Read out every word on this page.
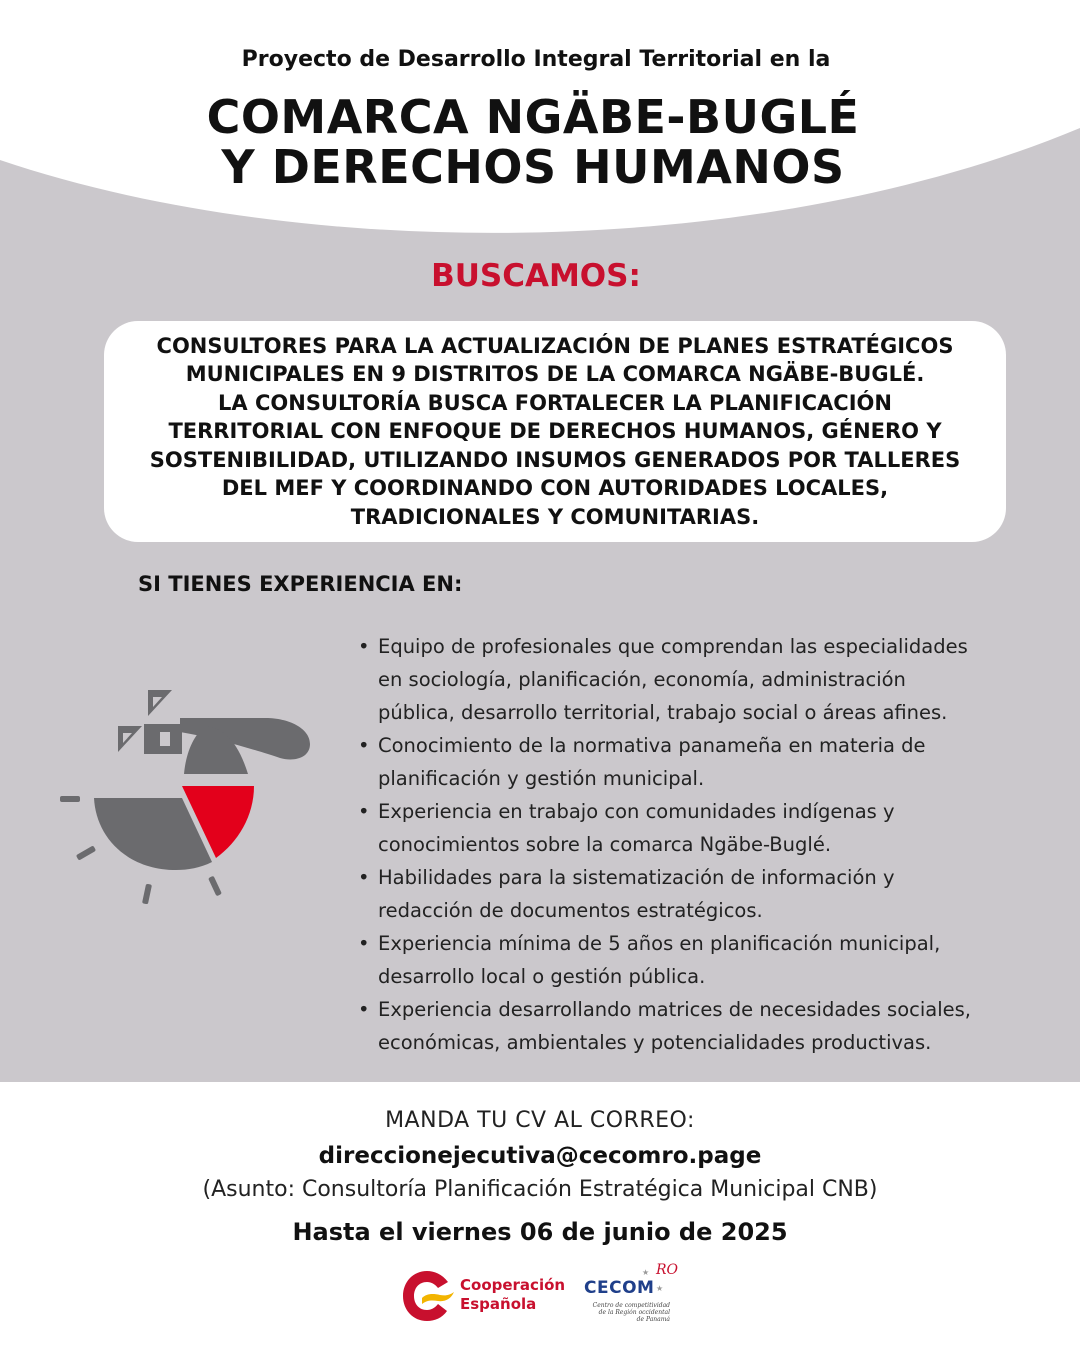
Proyecto de Desarrollo Integral Territorial en la
COMARCA NGÄBE-BUGLÉ
Y DERECHOS HUMANOS
BUSCAMOS:

CONSULTORES PARA LA ACTUALIZACIÓN DE PLANES ESTRATÉGICOS
MUNICIPALES EN 9 DISTRITOS DE LA COMARCA NGÄBE-BUGLÉ.
LA CONSULTORÍA BUSCA FORTALECER LA PLANIFICACIÓN
TERRITORIAL CON ENFOQUE DE DERECHOS HUMANOS, GÉNERO Y
SOSTENIBILIDAD, UTILIZANDO INSUMOS GENERADOS POR TALLERES
DEL MEF Y COORDINANDO CON AUTORIDADES LOCALES,
TRADICIONALES Y COMUNITARIAS.

SI TIENES EXPERIENCIA EN:
• Equipo de profesionales que comprendan las especialidades
en sociología, planificación, economía, administración
pública, desarrollo territorial, trabajo social o áreas afines.
• Conocimiento de la normativa panameña en materia de
planificación y gestión municipal.
• Experiencia en trabajo con comunidades indígenas y
conocimientos sobre la comarca Ngäbe-Buglé.
• Habilidades para la sistematización de información y
redacción de documentos estratégicos.
• Experiencia mínima de 5 años en planificación municipal,
desarrollo local o gestión pública.
• Experiencia desarrollando matrices de necesidades sociales,
económicas, ambientales y potencialidades productivas.
MANDA TU CV AL CORREO:
direccionejecutiva@cecomro.page
(Asunto: Consultoría Planificación Estratégica Municipal CNB)
Hasta el viernes 06 de junio de 2025
Cooperación
Española
★ RO
CECOM ★
Centro de competitividad
de la Región occidental
de Panamá
